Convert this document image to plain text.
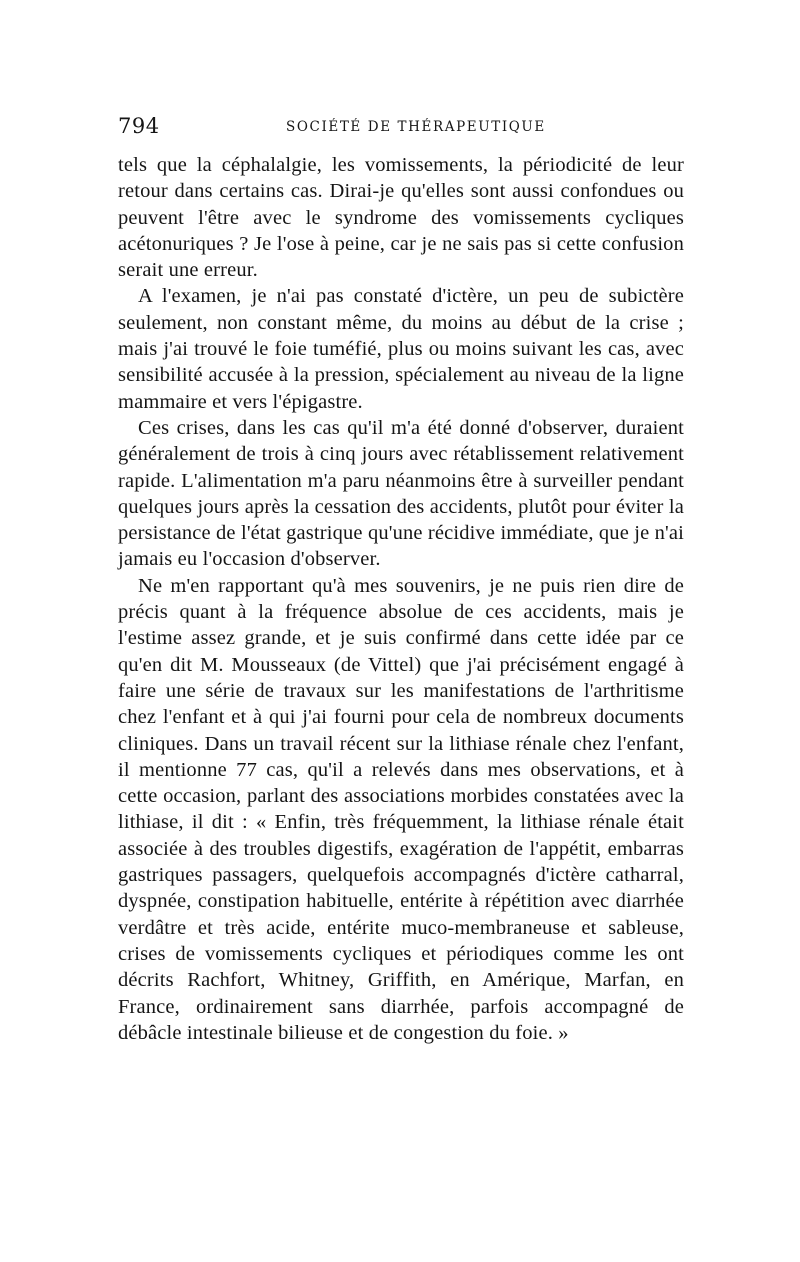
794	SOCIÉTÉ DE THÉRAPEUTIQUE

tels que la céphalalgie, les vomissements, la périodicité de leur retour dans certains cas. Dirai-je qu'elles sont aussi confondues ou peuvent l'être avec le syndrome des vomissements cycliques acétonuriques ? Je l'ose à peine, car je ne sais pas si cette confusion serait une erreur.

A l'examen, je n'ai pas constaté d'ictère, un peu de subictère seulement, non constant même, du moins au début de la crise ; mais j'ai trouvé le foie tuméfié, plus ou moins suivant les cas, avec sensibilité accusée à la pression, spécialement au niveau de la ligne mammaire et vers l'épigastre.

Ces crises, dans les cas qu'il m'a été donné d'observer, duraient généralement de trois à cinq jours avec rétablissement relativement rapide. L'alimentation m'a paru néanmoins être à surveiller pendant quelques jours après la cessation des accidents, plutôt pour éviter la persistance de l'état gastrique qu'une récidive immédiate, que je n'ai jamais eu l'occasion d'observer.

Ne m'en rapportant qu'à mes souvenirs, je ne puis rien dire de précis quant à la fréquence absolue de ces accidents, mais je l'estime assez grande, et je suis confirmé dans cette idée par ce qu'en dit M. Mousseaux (de Vittel) que j'ai précisément engagé à faire une série de travaux sur les manifestations de l'arthritisme chez l'enfant et à qui j'ai fourni pour cela de nombreux documents cliniques. Dans un travail récent sur la lithiase rénale chez l'enfant, il mentionne 77 cas, qu'il a relevés dans mes observations, et à cette occasion, parlant des associations morbides constatées avec la lithiase, il dit : « Enfin, très fréquemment, la lithiase rénale était associée à des troubles digestifs, exagération de l'appétit, embarras gastriques passagers, quelquefois accompagnés d'ictère catharral, dyspnée, constipation habituelle, entérite à répétition avec diarrhée verdâtre et très acide, entérite muco-membraneuse et sableuse, crises de vomissements cycliques et périodiques comme les ont décrits Rachfort, Whitney, Griffith, en Amérique, Marfan, en France, ordinairement sans diarrhée, parfois accompagné de débâcle intestinale bilieuse et de congestion du foie. »
